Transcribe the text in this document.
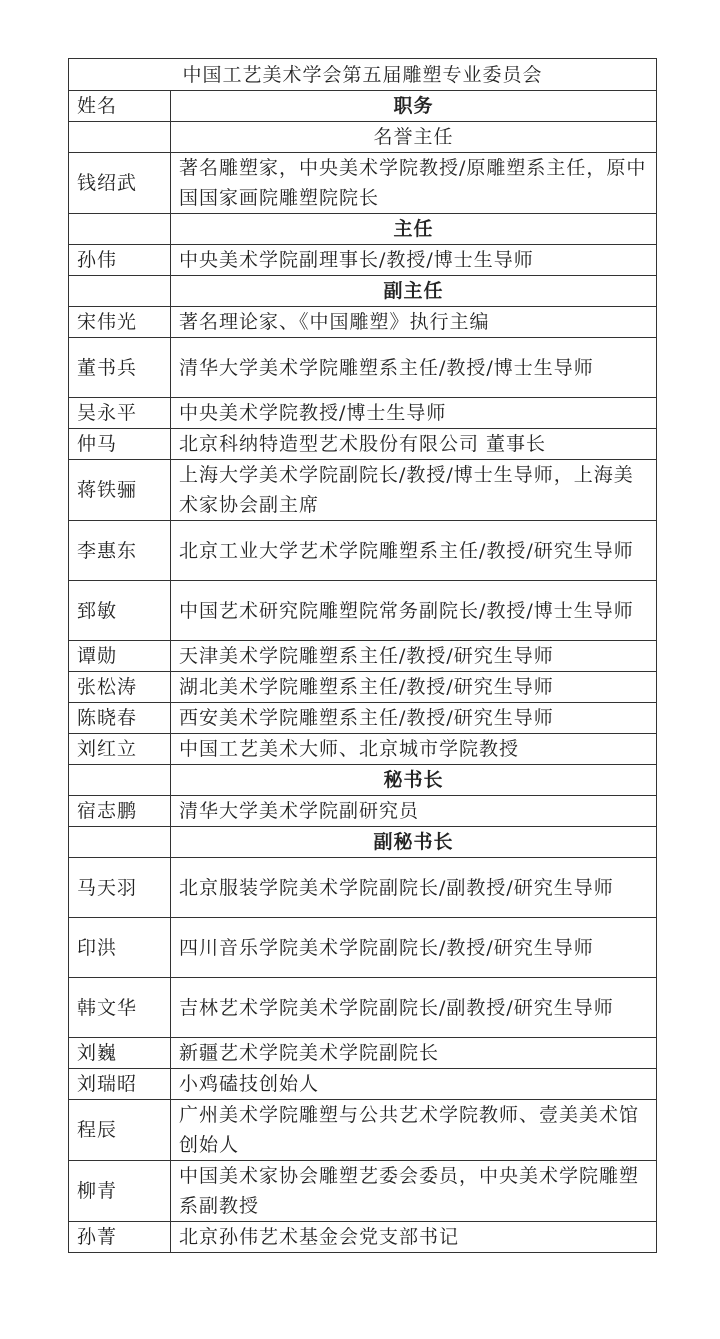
中国工艺美术学会第五届雕塑专业委员会	
姓名	职务
	名誉主任
钱绍武	著名雕塑家，中央美术学院教授/原雕塑系主任，原中国国家画院雕塑院院长
	主任
孙伟	中央美术学院副理事长/教授/博士生导师
	副主任
宋伟光	著名理论家、《中国雕塑》执行主编
董书兵	清华大学美术学院雕塑系主任/教授/博士生导师
吴永平	中央美术学院教授/博士生导师
仲马	北京科纳特造型艺术股份有限公司 董事长
蒋铁骊	上海大学美术学院副院长/教授/博士生导师，上海美术家协会副主席
李惠东	北京工业大学艺术学院雕塑系主任/教授/研究生导师
郅敏	中国艺术研究院雕塑院常务副院长/教授/博士生导师
谭勋	天津美术学院雕塑系主任/教授/研究生导师
张松涛	湖北美术学院雕塑系主任/教授/研究生导师
陈晓春	西安美术学院雕塑系主任/教授/研究生导师
刘红立	中国工艺美术大师、北京城市学院教授
	秘书长
宿志鹏	清华大学美术学院副研究员
	副秘书长
马天羽	北京服装学院美术学院副院长/副教授/研究生导师
印洪	四川音乐学院美术学院副院长/教授/研究生导师
韩文华	吉林艺术学院美术学院副院长/副教授/研究生导师
刘巍	新疆艺术学院美术学院副院长
刘瑞昭	小鸡磕技创始人
程辰	广州美术学院雕塑与公共艺术学院教师、壹美美术馆创始人
柳青	中国美术家协会雕塑艺委会委员，中央美术学院雕塑系副教授
孙菁	北京孙伟艺术基金会党支部书记
